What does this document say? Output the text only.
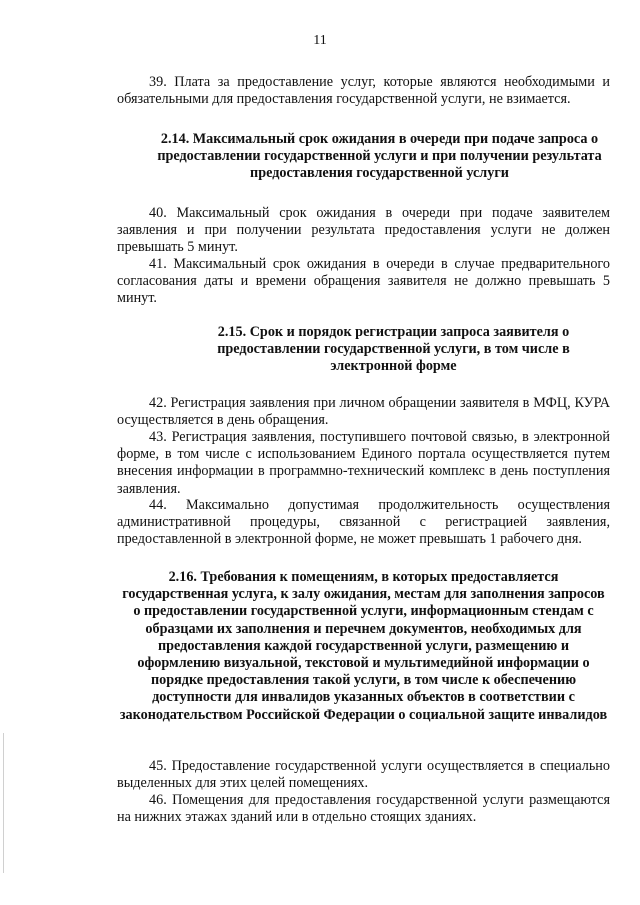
11

39. Плата за предоставление услуг, которые являются необходимыми и обязательными для предоставления государственной услуги, не взимается.

2.14. Максимальный срок ожидания в очереди при подаче запроса о предоставлении государственной услуги и при получении результата предоставления государственной услуги

40. Максимальный срок ожидания в очереди при подаче заявителем заявления и при получении результата предоставления услуги не должен превышать 5 минут.

41. Максимальный срок ожидания в очереди в случае предварительного согласования даты и времени обращения заявителя не должно превышать 5 минут.

2.15. Срок и порядок регистрации запроса заявителя о предоставлении государственной услуги, в том числе в электронной форме

42. Регистрация заявления при личном обращении заявителя в МФЦ, КУРА осуществляется в день обращения.

43. Регистрация заявления, поступившего почтовой связью, в электронной форме, в том числе с использованием Единого портала осуществляется путем внесения информации в программно-технический комплекс в день поступления заявления.

44. Максимально допустимая продолжительность осуществления административной процедуры, связанной с регистрацией заявления, предоставленной в электронной форме, не может превышать 1 рабочего дня.

2.16. Требования к помещениям, в которых предоставляется государственная услуга, к залу ожидания, местам для заполнения запросов о предоставлении государственной услуги, информационным стендам с образцами их заполнения и перечнем документов, необходимых для предоставления каждой государственной услуги, размещению и оформлению визуальной, текстовой и мультимедийной информации о порядке предоставления такой услуги, в том числе к обеспечению доступности для инвалидов указанных объектов в соответствии с законодательством Российской Федерации о социальной защите инвалидов

45. Предоставление государственной услуги осуществляется в специально выделенных для этих целей помещениях.

46. Помещения для предоставления государственной услуги размещаются на нижних этажах зданий или в отдельно стоящих зданиях.
